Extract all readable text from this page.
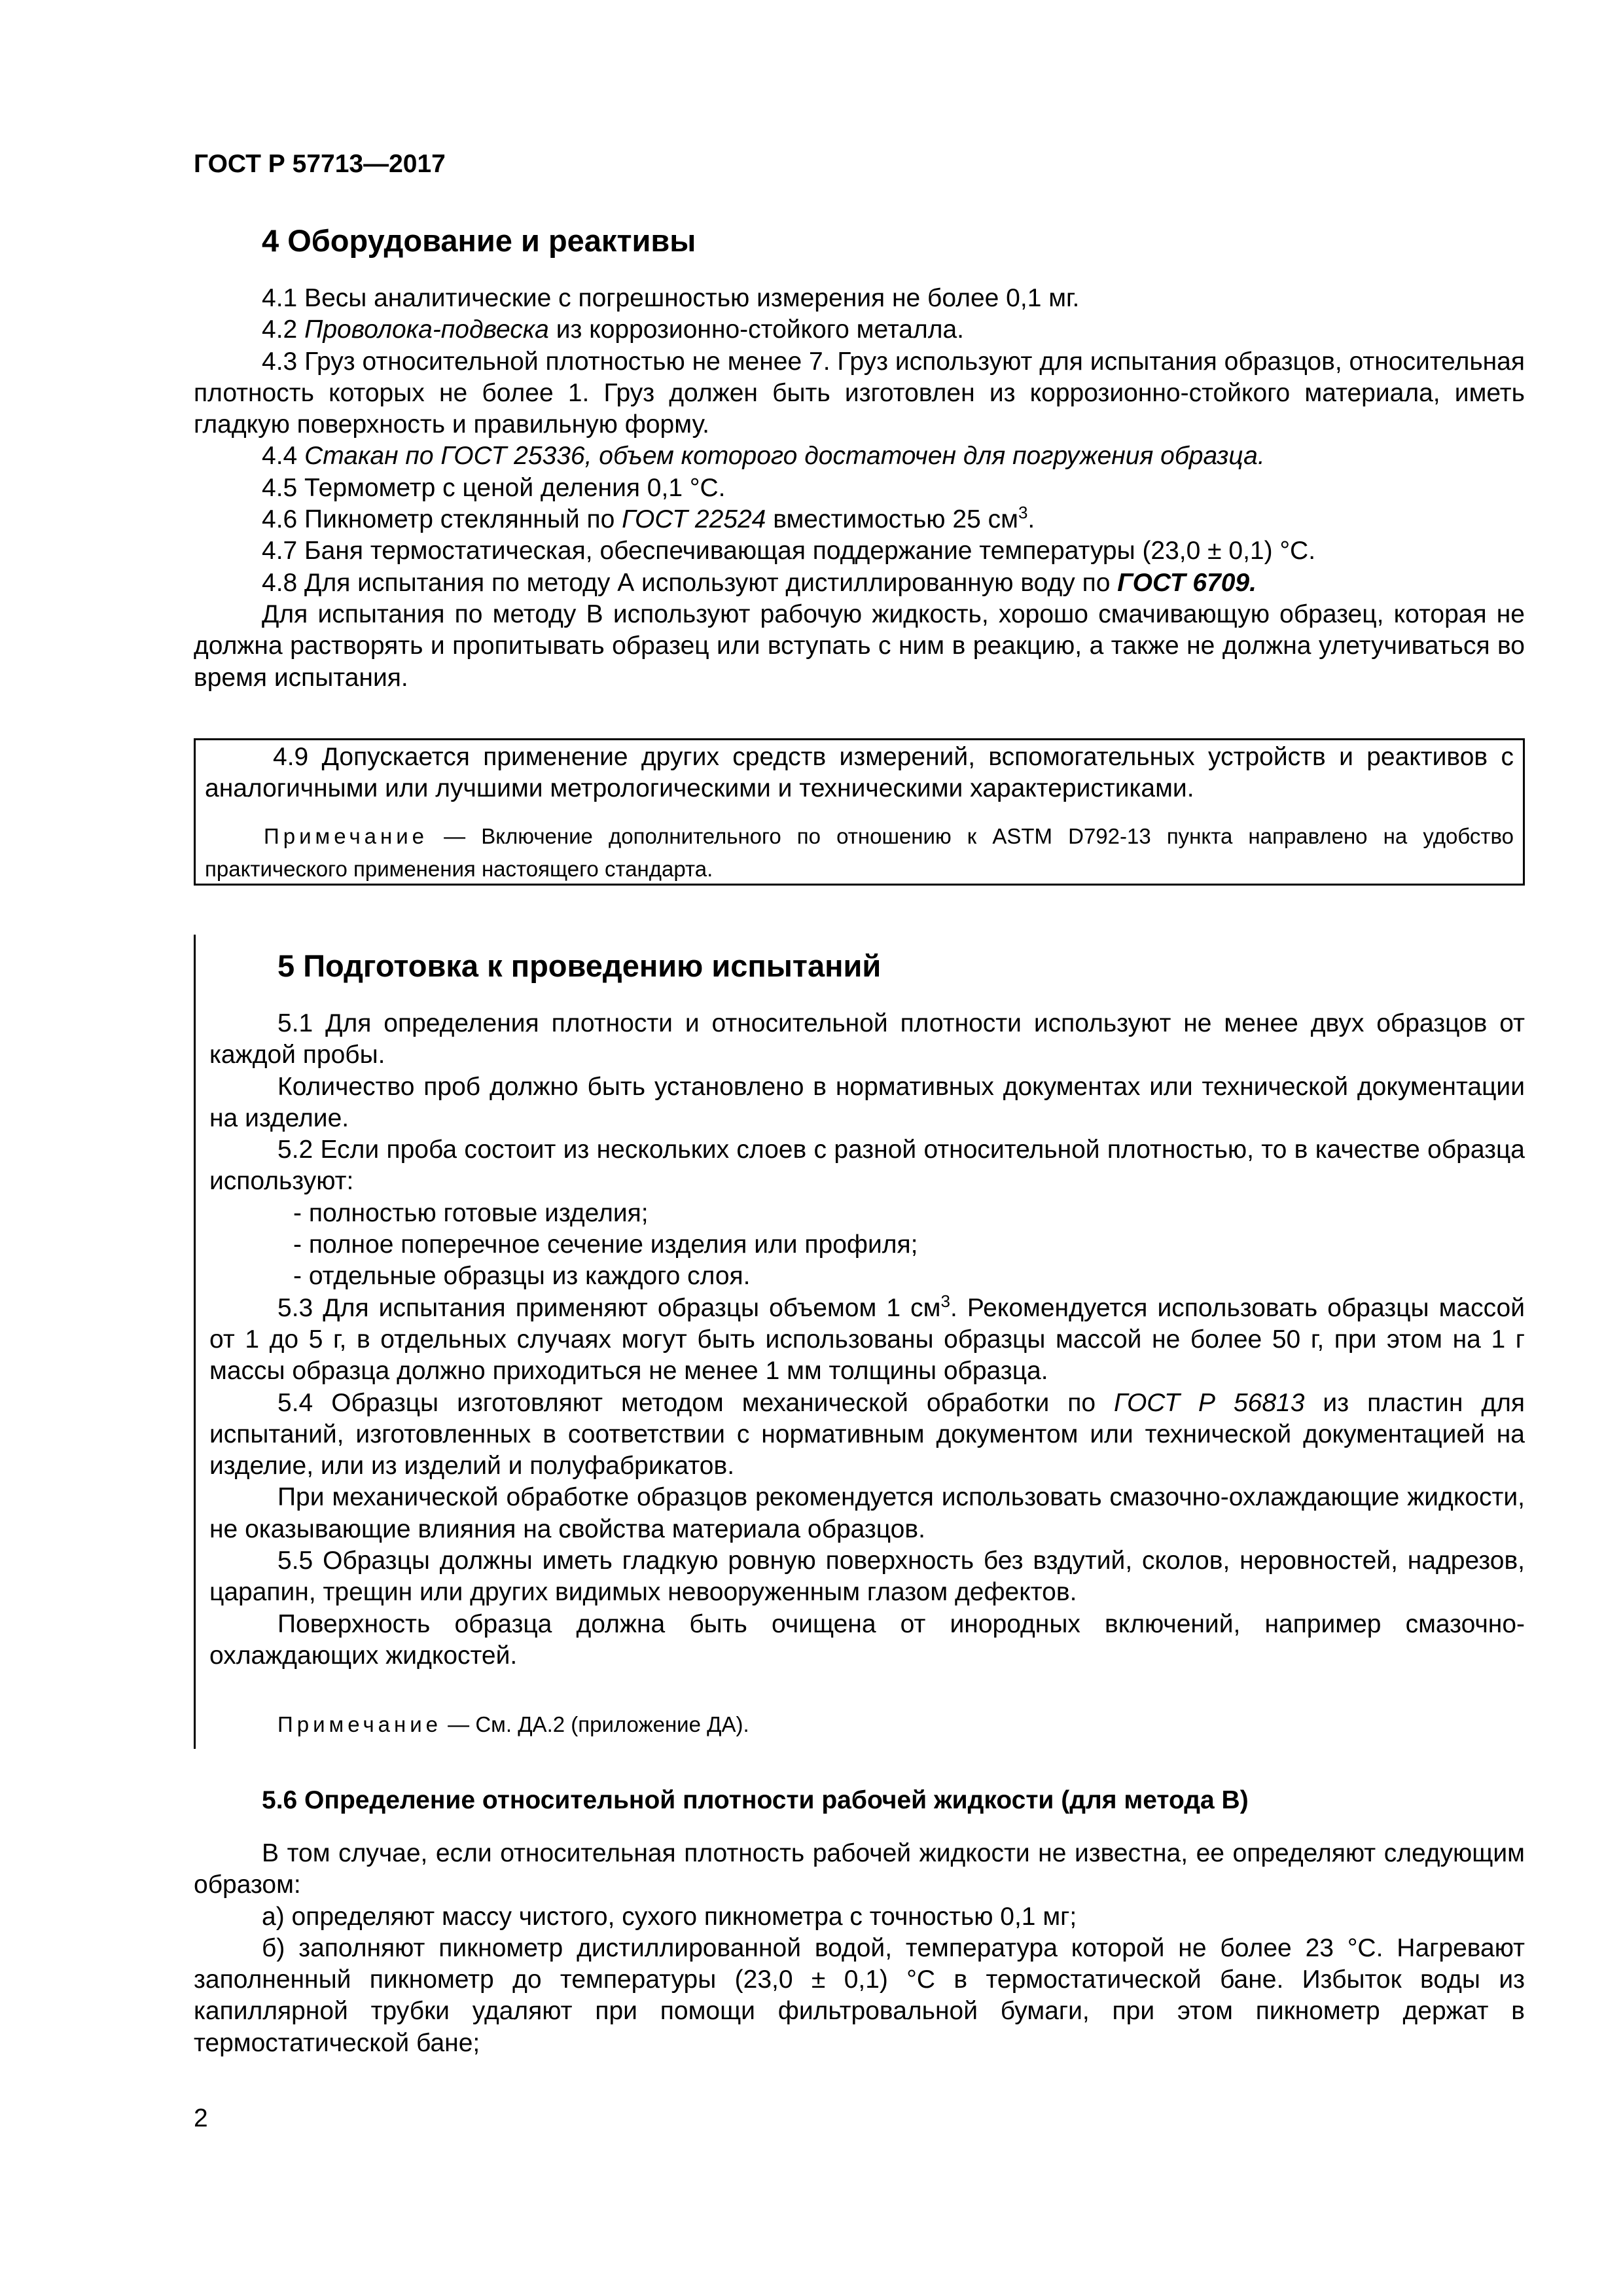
ГОСТ Р 57713—2017
4 Оборудование и реактивы

4.1 Весы аналитические с погрешностью измерения не более 0,1 мг.

4.2 Проволока-подвеска из коррозионно-стойкого металла.

4.3 Груз относительной плотностью не менее 7. Груз используют для испытания образцов, относительная плотность которых не более 1. Груз должен быть изготовлен из коррозионно-стойкого материала, иметь гладкую поверхность и правильную форму.

4.4 Стакан по ГОСТ 25336, объем которого достаточен для погружения образца.

4.5 Термометр с ценой деления 0,1 °С.

4.6 Пикнометр стеклянный по ГОСТ 22524 вместимостью 25 $см^3$.

4.7 Баня термостатическая, обеспечивающая поддержание температуры (23,0 ± 0,1) °С.

4.8 Для испытания по методу А используют дистиллированную воду по ГОСТ 6709.

Для испытания по методу В используют рабочую жидкость, хорошо смачивающую образец, которая не должна растворять и пропитывать образец или вступать с ним в реакцию, а также не должна улетучиваться во время испытания.

4.9 Допускается применение других средств измерений, вспомогательных устройств и реактивов с аналогичными или лучшими метрологическими и техническими характеристиками.

Примечание — Включение дополнительного по отношению к ASTM D792-13 пункта направлено на удобство практического применения настоящего стандарта.

5 Подготовка к проведению испытаний

5.1 Для определения плотности и относительной плотности используют не менее двух образцов от каждой пробы.

Количество проб должно быть установлено в нормативных документах или технической документации на изделие.

5.2 Если проба состоит из нескольких слоев с разной относительной плотностью, то в качестве образца используют:

- полностью готовые изделия;

- полное поперечное сечение изделия или профиля;

- отдельные образцы из каждого слоя.

5.3 Для испытания применяют образцы объемом 1 $см^3$. Рекомендуется использовать образцы массой от 1 до 5 г, в отдельных случаях могут быть использованы образцы массой не более 50 г, при этом на 1 г массы образца должно приходиться не менее 1 мм толщины образца.

5.4 Образцы изготовляют методом механической обработки по ГОСТ Р 56813 из пластин для испытаний, изготовленных в соответствии с нормативным документом или технической документацией на изделие, или из изделий и полуфабрикатов.

При механической обработке образцов рекомендуется использовать смазочно-охлаждающие жидкости, не оказывающие влияния на свойства материала образцов.

5.5 Образцы должны иметь гладкую ровную поверхность без вздутий, сколов, неровностей, надрезов, царапин, трещин или других видимых невооруженным глазом дефектов.

Поверхность образца должна быть очищена от инородных включений, например смазочно-охлаждающих жидкостей.

Примечание — См. ДА.2 (приложение ДА).
5.6 Определение относительной плотности рабочей жидкости (для метода В)

В том случае, если относительная плотность рабочей жидкости не известна, ее определяют следующим образом:

а) определяют массу чистого, сухого пикнометра с точностью 0,1 мг;

б) заполняют пикнометр дистиллированной водой, температура которой не более 23 °С. Нагревают заполненный пикнометр до температуры (23,0 ± 0,1) °С в термостатической бане. Избыток воды из капиллярной трубки удаляют при помощи фильтровальной бумаги, при этом пикнометр держат в термостатической бане;

2
